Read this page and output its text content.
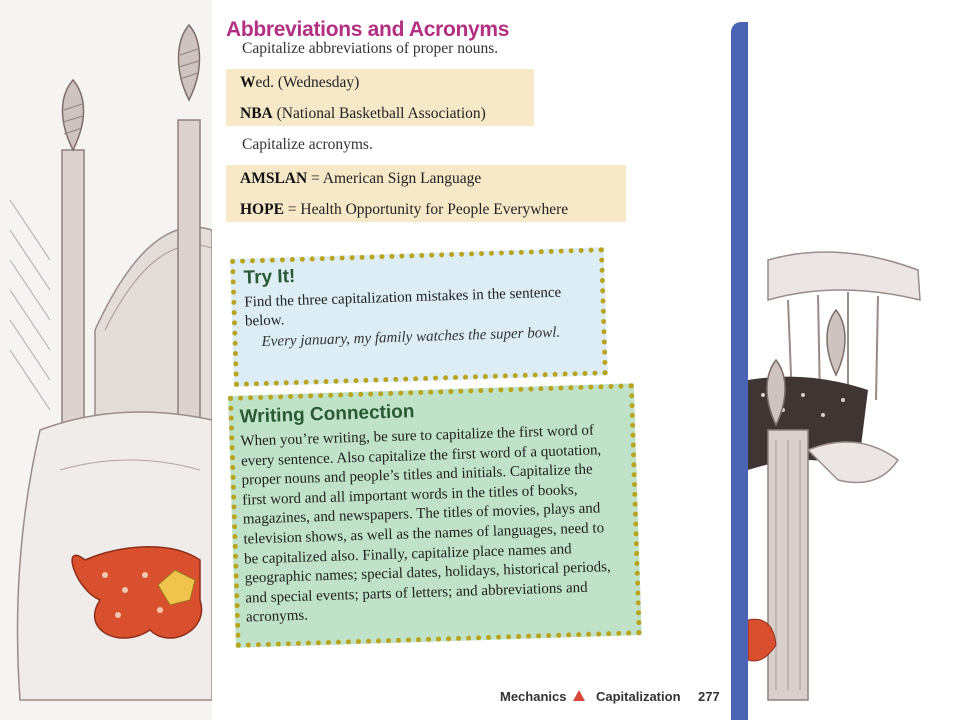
Abbreviations and Acronyms
Capitalize abbreviations of proper nouns.
Wed. (Wednesday)
NBA (National Basketball Association)
Capitalize acronyms.
AMSLAN = American Sign Language
HOPE = Health Opportunity for People Everywhere
Try It!
Find the three capitalization mistakes in the sentence below.
Every january, my family watches the super bowl.
Writing Connection
When you’re writing, be sure to capitalize the first word of every sentence. Also capitalize the first word of a quotation, proper nouns and people’s titles and initials. Capitalize the first word and all important words in the titles of books, magazines, and newspapers. The titles of movies, plays and television shows, as well as the names of languages, need to be capitalized also. Finally, capitalize place names and geographic names; special dates, holidays, historical periods, and special events; parts of letters; and abbreviations and acronyms.
Mechanics Capitalization 277
